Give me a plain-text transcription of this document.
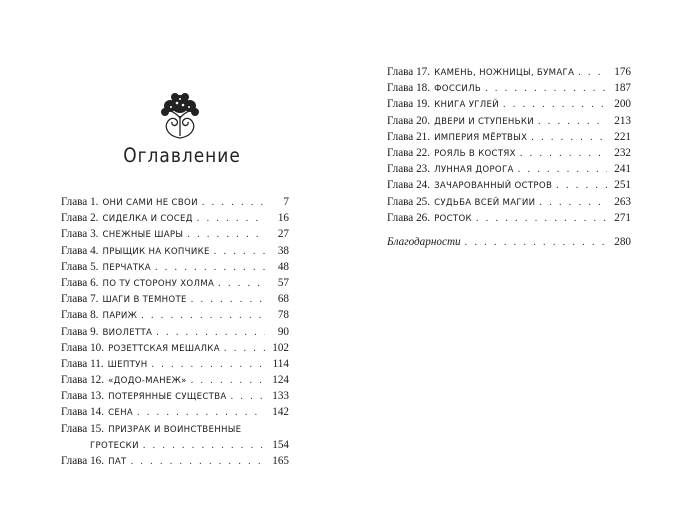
Оглавление
Глава 1. ОНИ САМИ НЕ СВОИ . . .	7
Глава 2. СИДЕЛКА И СОСЕД . . .	16
Глава 3. СНЕЖНЫЕ ШАРЫ . . .	27
Глава 4. ПРЫЩИК НА КОПЧИКЕ . . .	38
Глава 5. ПЕРЧАТКА . . .	48
Глава 6. ПО ТУ СТОРОНУ ХОЛМА . . .	57
Глава 7. ШАГИ В ТЕМНОТЕ . . .	68
Глава 8. ПАРИЖ . . .	78
Глава 9. ВИОЛЕТТА . . .	90
Глава 10. РОЗЕТТСКАЯ МЕШАЛКА . . .	102
Глава 11. ШЕПТУН . . .	114
Глава 12. «ДОДО-МАНЕЖ» . . .	124
Глава 13. ПОТЕРЯННЫЕ СУЩЕСТВА . . .	133
Глава 14. СЕНА . . .	142
Глава 15. ПРИЗРАК И ВОИНСТВЕННЫЕ
ГРОТЕСКИ . . .	154
Глава 16. ПАТ . . .	165
Глава 17. КАМЕНЬ, НОЖНИЦЫ, БУМАГА . . .	176
Глава 18. ФОССИЛЬ . . .	187
Глава 19. КНИГА УГЛЕЙ . . .	200
Глава 20. ДВЕРИ И СТУПЕНЬКИ . . .	213
Глава 21. ИМПЕРИЯ МЁРТВЫХ . . .	221
Глава 22. РОЯЛЬ В КОСТЯХ . . .	232
Глава 23. ЛУННАЯ ДОРОГА . . .	241
Глава 24. ЗАЧАРОВАННЫЙ ОСТРОВ . . .	251
Глава 25. СУДЬБА ВСЕЙ МАГИИ . . .	263
Глава 26. РОСТОК . . .	271
Благодарности . . .	280
